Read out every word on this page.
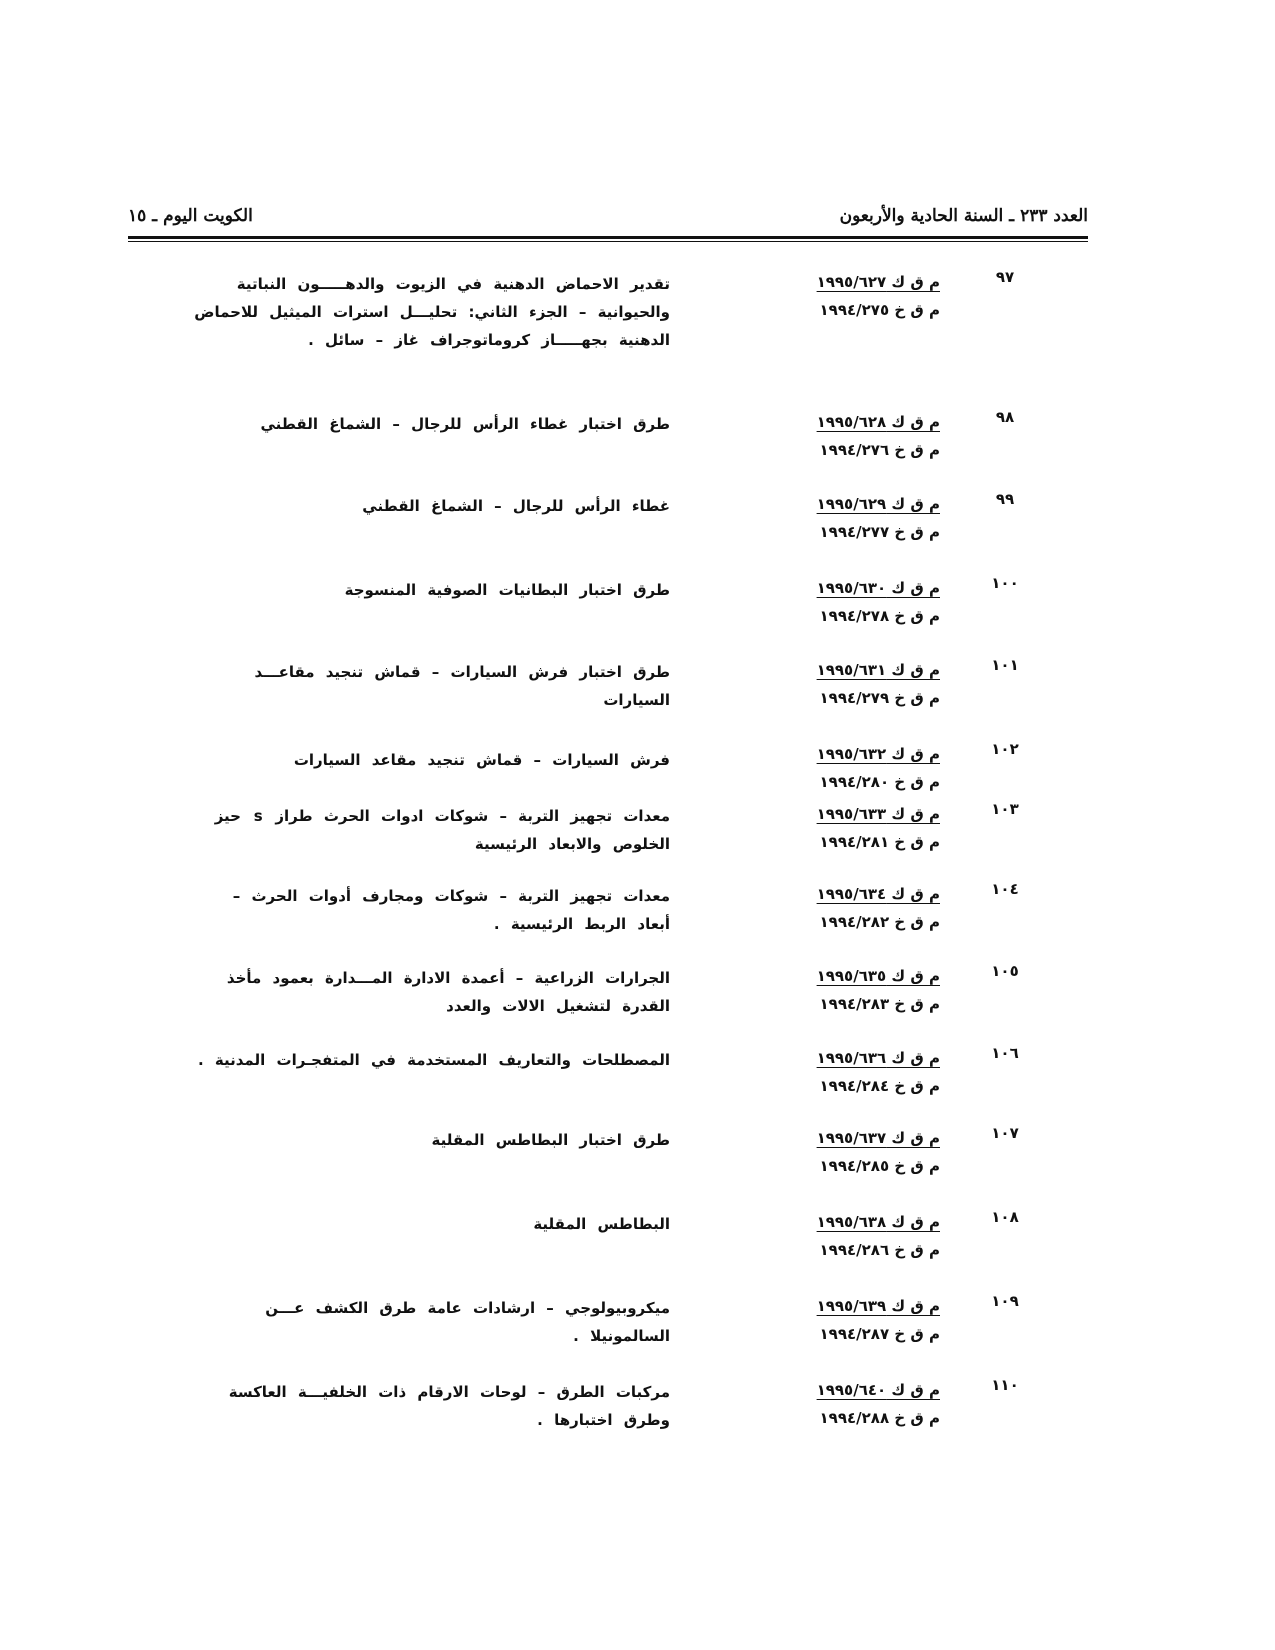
العدد ٢٣٣ ـ السنة الحادية والأربعون
الكويت اليوم ـ ١٥
٩٧
م ق ك ١٩٩٥/٦٢٧
م ق خ ١٩٩٤/٢٧٥
تقدير الاحماض الدهنية في الزيوت والدهـــــون النباتية والحيوانية – الجزء الثاني: تحليـــل استرات الميثيل للاحماض الدهنية بجهـــــاز كروماتوجراف غاز – سائل .
٩٨
م ق ك ١٩٩٥/٦٢٨
م ق خ ١٩٩٤/٢٧٦
طرق اختبار غطاء الرأس للرجال – الشماغ القطني
٩٩
م ق ك ١٩٩٥/٦٢٩
م ق خ ١٩٩٤/٢٧٧
غطاء الرأس للرجال – الشماغ القطني
١٠٠
م ق ك ١٩٩٥/٦٣٠
م ق خ ١٩٩٤/٢٧٨
طرق اختبار البطانيات الصوفية المنسوجة
١٠١
م ق ك ١٩٩٥/٦٣١
م ق خ ١٩٩٤/٢٧٩
طرق اختبار فرش السيارات – قماش تنجيد مقاعـــد السيارات
١٠٢
م ق ك ١٩٩٥/٦٣٢
م ق خ ١٩٩٤/٢٨٠
فرش السيارات – قماش تنجيد مقاعد السيارات
١٠٣
م ق ك ١٩٩٥/٦٣٣
م ق خ ١٩٩٤/٢٨١
معدات تجهيز التربة – شوكات ادوات الحرث طراز s حيز الخلوص والابعاد الرئيسية
١٠٤
م ق ك ١٩٩٥/٦٣٤
م ق خ ١٩٩٤/٢٨٢
معدات تجهيز التربة – شوكات ومجارف أدوات الحرث – أبعاد الربط الرئيسية .
١٠٥
م ق ك ١٩٩٥/٦٣٥
م ق خ ١٩٩٤/٢٨٣
الجرارات الزراعية – أعمدة الادارة المـــدارة بعمود مأخذ القدرة لتشغيل الالات والعدد
١٠٦
م ق ك ١٩٩٥/٦٣٦
م ق خ ١٩٩٤/٢٨٤
المصطلحات والتعاريف المستخدمة في المتفجـرات المدنية .
١٠٧
م ق ك ١٩٩٥/٦٣٧
م ق خ ١٩٩٤/٢٨٥
طرق اختبار البطاطس المقلية
١٠٨
م ق ك ١٩٩٥/٦٣٨
م ق خ ١٩٩٤/٢٨٦
البطاطس المقلية
١٠٩
م ق ك ١٩٩٥/٦٣٩
م ق خ ١٩٩٤/٢٨٧
ميكروبيولوجي – ارشادات عامة طرق الكشف عـــن السالمونيلا .
١١٠
م ق ك ١٩٩٥/٦٤٠
م ق خ ١٩٩٤/٢٨٨
مركبات الطرق – لوحات الارقام ذات الخلفيـــة العاكسة وطرق اختبارها .
